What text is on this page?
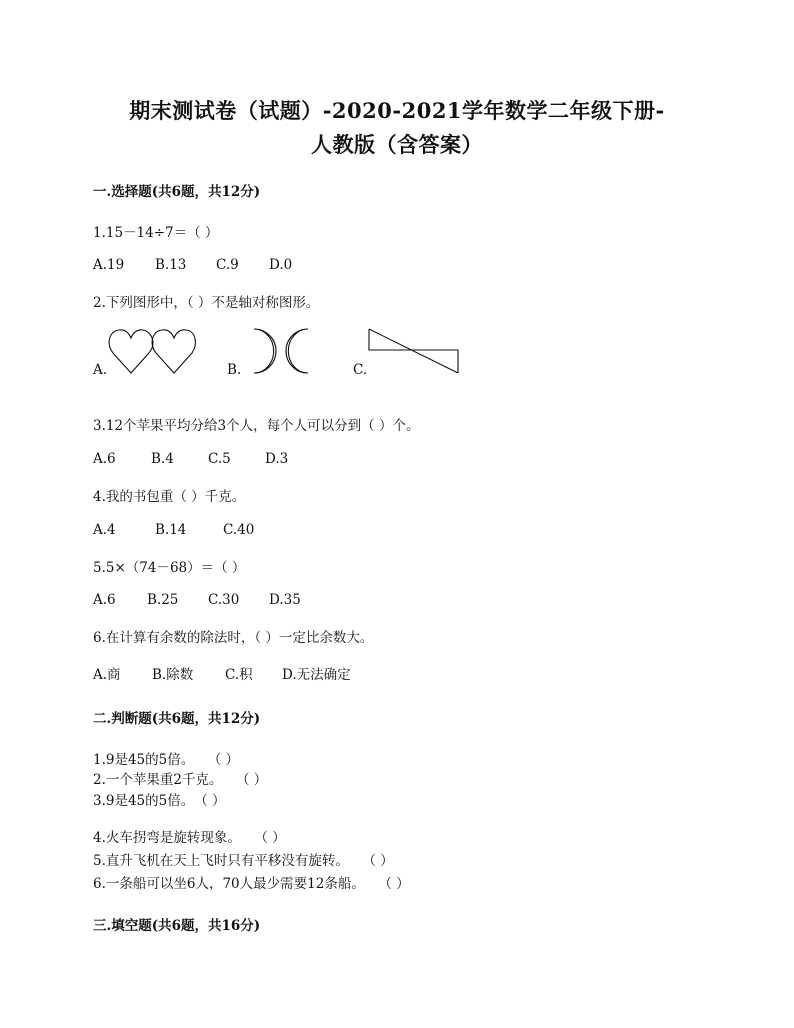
期末测试卷（试题）-2020-2021学年数学二年级下册-
人教版（含答案）
一.选择题(共6题，共12分)
1.15－14÷7＝（ ）
A.19 B.13 C.9 D.0
2.下列图形中，（ ）不是轴对称图形。
A.	B.	C.
3.12个苹果平均分给3个人，每个人可以分到（ ）个。
A.6	B.4	C.5	D.3
4.我的书包重（ ）千克。
A.4	B.14	C.40
5.5×（74－68）＝（ ）
A.6 B.25 C.30 D.35
6.在计算有余数的除法时，（ ）一定比余数大。
A.商 B.除数 C.积 D.无法确定
二.判断题(共6题，共12分)
1.9是45的5倍。　　（ ）
2.一个苹果重2千克。　　（ ）
3.9是45的5倍。　（ ）
4.火车拐弯是旋转现象。　　（ ）
5.直升飞机在天上飞时只有平移没有旋转。　　（ ）
6.一条船可以坐6人，70人最少需要12条船。　　（ ）
三.填空题(共6题，共16分)
